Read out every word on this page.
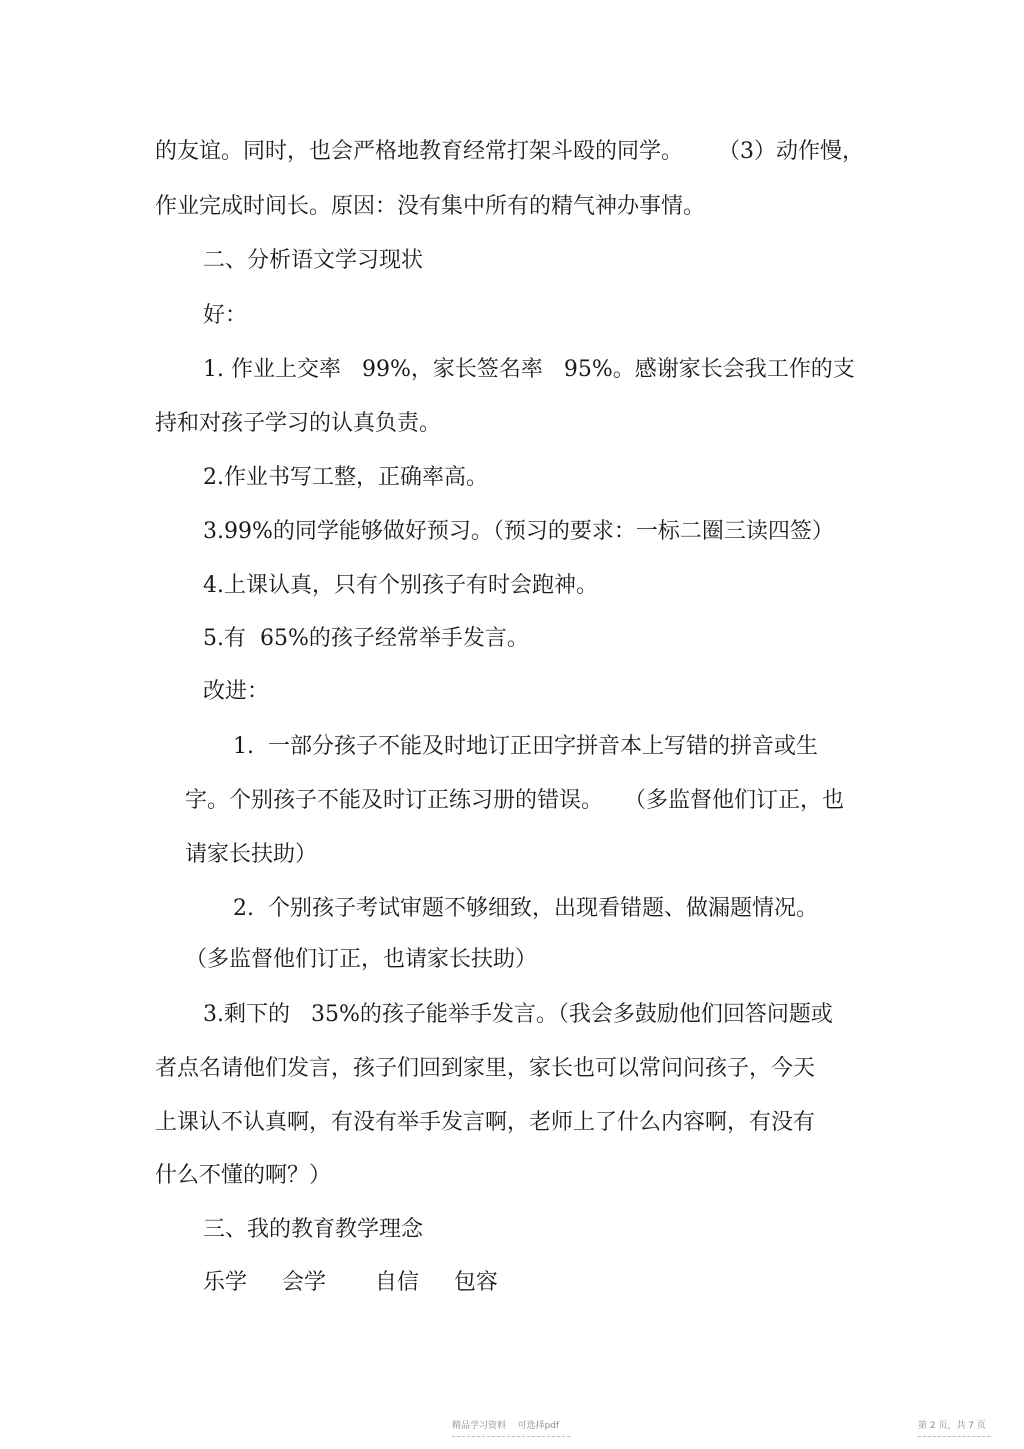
的友谊。同时，也会严格地教育经常打架斗殴的同学。     （3）动作慢，
作业完成时间长。原因：没有集中所有的精气神办事情。
二、分析语文学习现状
好：
1. 作业上交率   99%，家长签名率   95%。感谢家长会我工作的支
持和对孩子学习的认真负责。
2.作业书写工整，正确率高。
3.99%的同学能够做好预习。（预习的要求：一标二圈三读四签）
4.上课认真，只有个别孩子有时会跑神。
5.有  65%的孩子经常举手发言。
改进：
1.  一部分孩子不能及时地订正田字拼音本上写错的拼音或生
字。个别孩子不能及时订正练习册的错误。   （多监督他们订正，也
请家长扶助）
2.  个别孩子考试审题不够细致，出现看错题、做漏题情况。
（多监督他们订正，也请家长扶助）
3.剩下的   35%的孩子能举手发言。（我会多鼓励他们回答问题或
者点名请他们发言，孩子们回到家里，家长也可以常问问孩子，今天
上课认不认真啊，有没有举手发言啊，老师上了什么内容啊，有没有
什么不懂的啊？）
三、我的教育教学理念
乐学     会学       自信     包容
精品学习资料    可选择pdf	第 2 页，共 7 页
